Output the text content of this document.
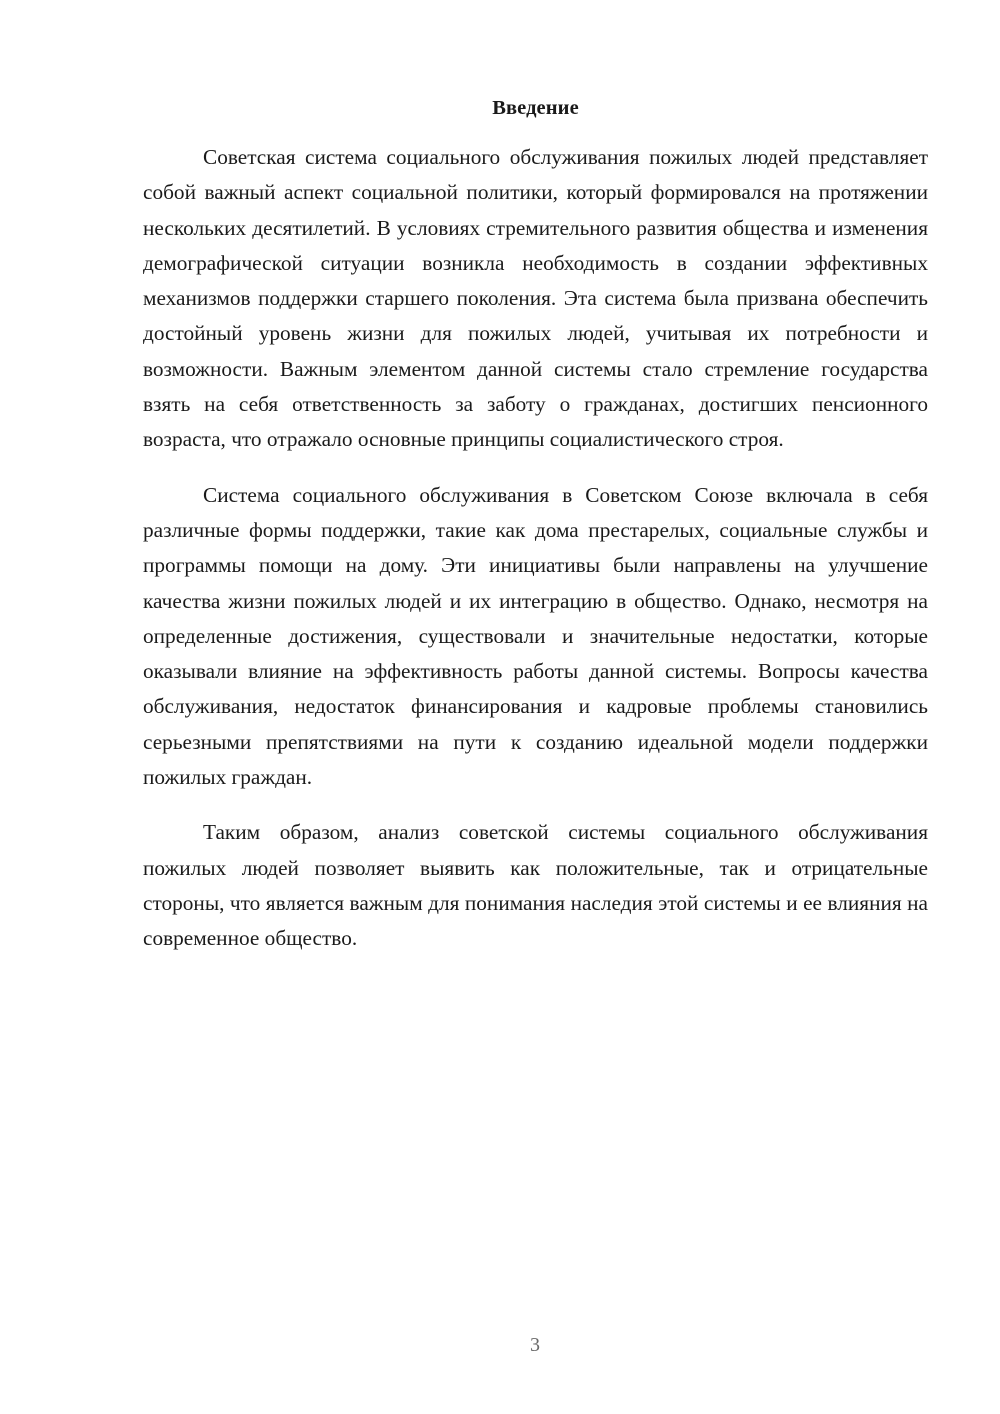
Введение

Советская система социального обслуживания пожилых людей представляет собой важный аспект социальной политики, который формировался на протяжении нескольких десятилетий. В условиях стремительного развития общества и изменения демографической ситуации возникла необходимость в создании эффективных механизмов поддержки старшего поколения. Эта система была призвана обеспечить достойный уровень жизни для пожилых людей, учитывая их потребности и возможности. Важным элементом данной системы стало стремление государства взять на себя ответственность за заботу о гражданах, достигших пенсионного возраста, что отражало основные принципы социалистического строя.

Система социального обслуживания в Советском Союзе включала в себя различные формы поддержки, такие как дома престарелых, социальные службы и программы помощи на дому. Эти инициативы были направлены на улучшение качества жизни пожилых людей и их интеграцию в общество. Однако, несмотря на определенные достижения, существовали и значительные недостатки, которые оказывали влияние на эффективность работы данной системы. Вопросы качества обслуживания, недостаток финансирования и кадровые проблемы становились серьезными препятствиями на пути к созданию идеальной модели поддержки пожилых граждан.

Таким образом, анализ советской системы социального обслуживания пожилых людей позволяет выявить как положительные, так и отрицательные стороны, что является важным для понимания наследия этой системы и ее влияния на современное общество.

3
